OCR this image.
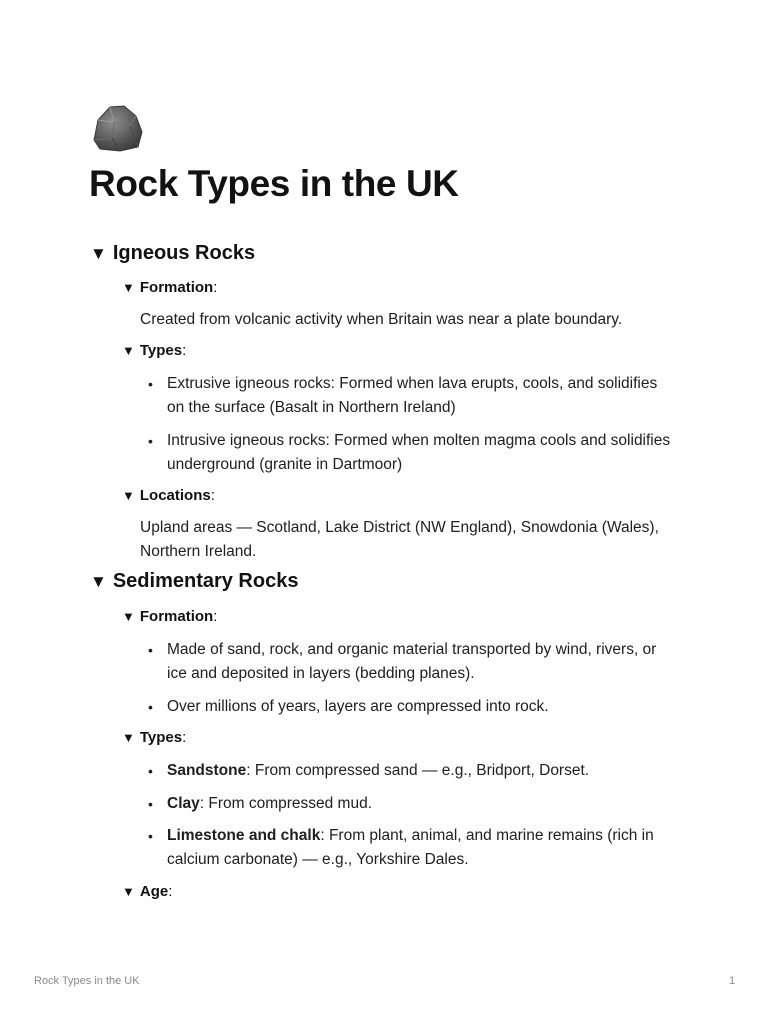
Rock Types in the UK
▼ Igneous Rocks
▼ Formation:
Created from volcanic activity when Britain was near a plate boundary.
▼ Types:
• Extrusive igneous rocks: Formed when lava erupts, cools, and solidifies on the surface (Basalt in Northern Ireland)
• Intrusive igneous rocks: Formed when molten magma cools and solidifies underground (granite in Dartmoor)
▼ Locations:
Upland areas — Scotland, Lake District (NW England), Snowdonia (Wales), Northern Ireland.
▼ Sedimentary Rocks
▼ Formation:
• Made of sand, rock, and organic material transported by wind, rivers, or ice and deposited in layers (bedding planes).
• Over millions of years, layers are compressed into rock.
▼ Types:
• Sandstone: From compressed sand — e.g., Bridport, Dorset.
• Clay: From compressed mud.
• Limestone and chalk: From plant, animal, and marine remains (rich in calcium carbonate) — e.g., Yorkshire Dales.
▼ Age:
Rock Types in the UK	1
